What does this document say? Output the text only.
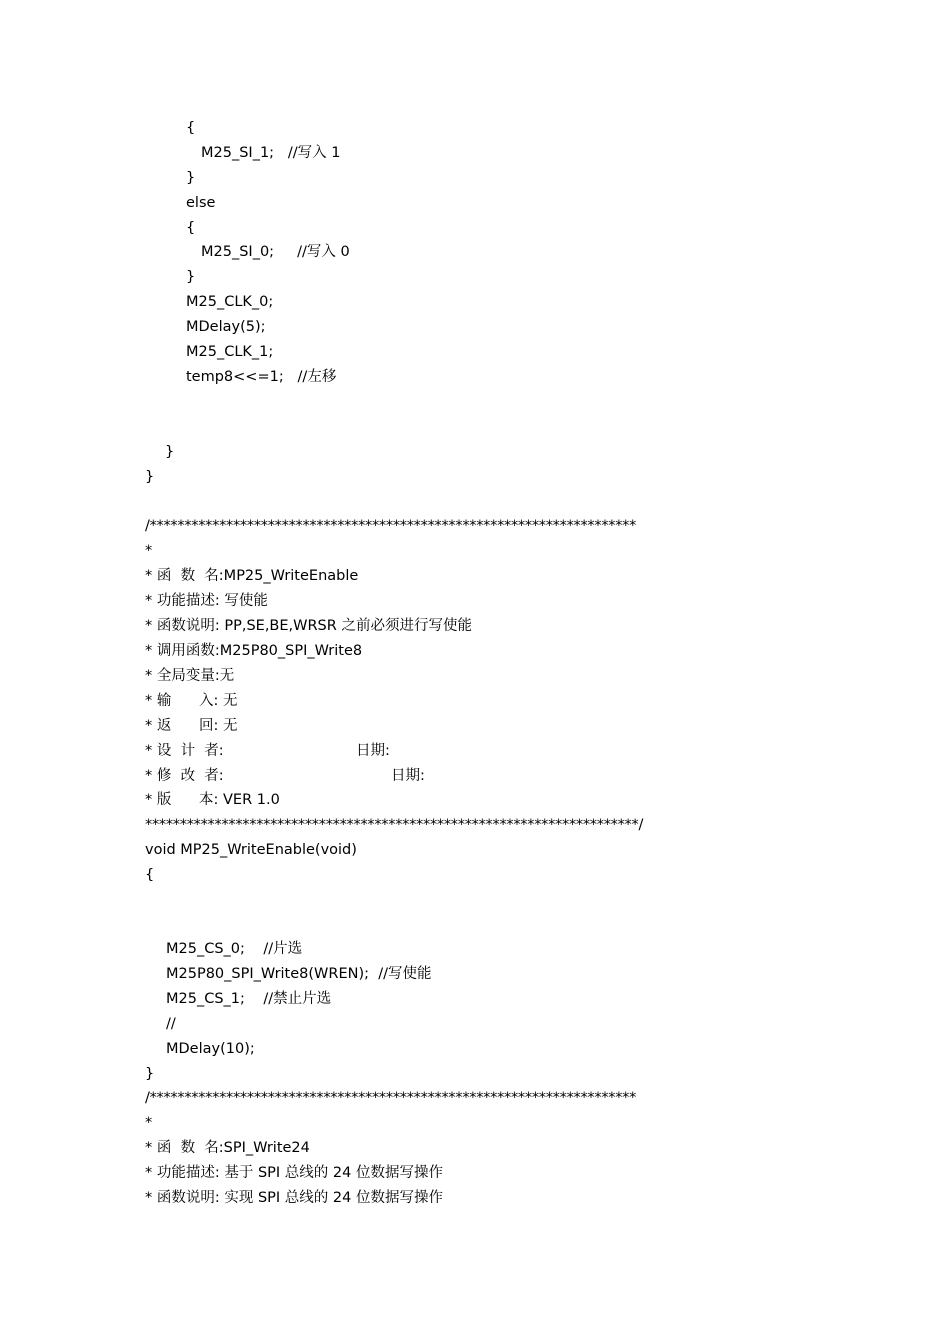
{
M25_SI_1;   //写入 1
}
else
{
M25_SI_0;     //写入 0
}
M25_CLK_0;
MDelay(5);
M25_CLK_1;
temp8<<=1;   //左移
}
}
/**********************************************************************
*
* 函  数  名:MP25_WriteEnable
* 功能描述: 写使能
* 函数说明: PP,SE,BE,WRSR 之前必须进行写使能
* 调用函数:M25P80_SPI_Write8
* 全局变量:无
* 输      入: 无
* 返      回: 无
* 设  计  者:	日期:
* 修  改  者:	日期:
* 版      本: VER 1.0
***********************************************************************/
void MP25_WriteEnable(void)
{
M25_CS_0;    //片选
M25P80_SPI_Write8(WREN);  //写使能
M25_CS_1;    //禁止片选
//
MDelay(10);
}
/**********************************************************************
*
* 函  数  名:SPI_Write24
* 功能描述: 基于 SPI 总线的 24 位数据写操作
* 函数说明: 实现 SPI 总线的 24 位数据写操作
